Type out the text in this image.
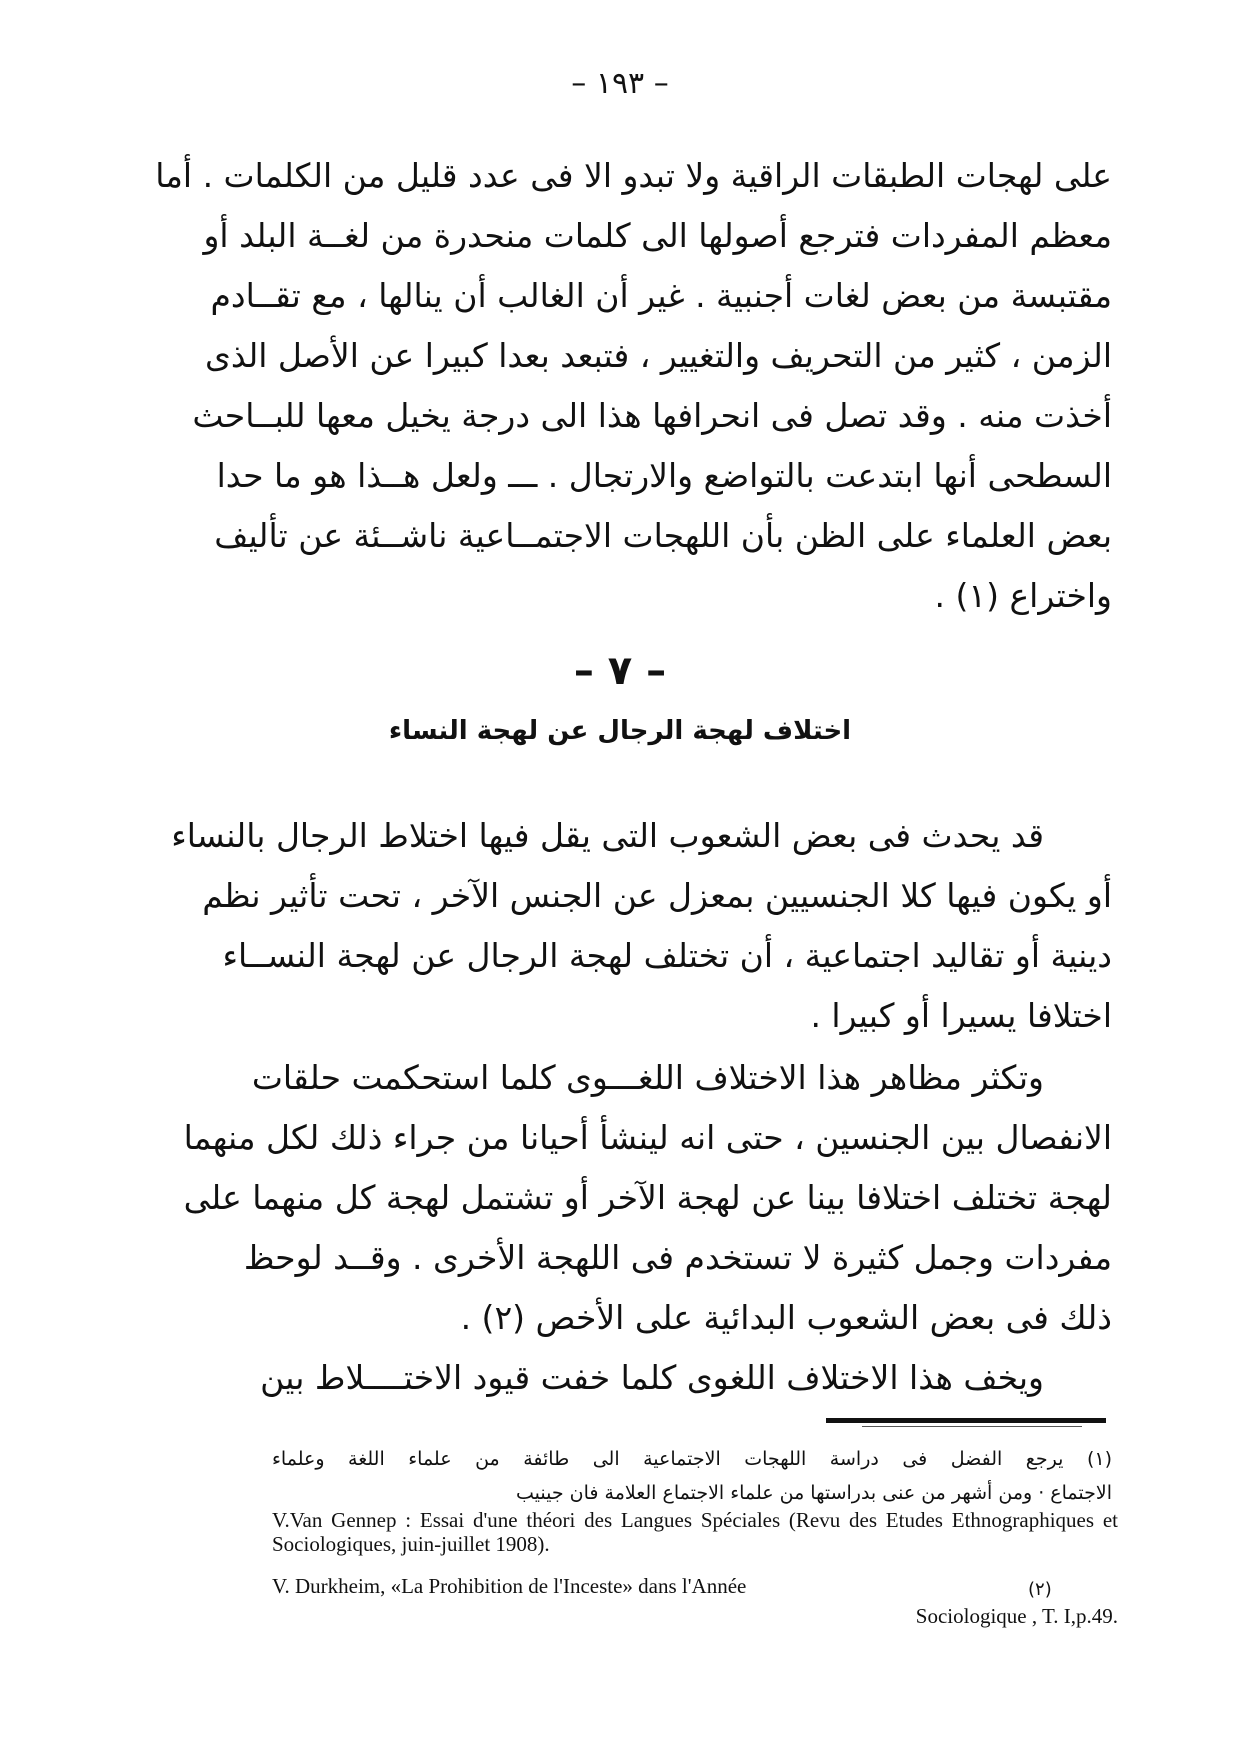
– ١٩٣ –
على لهجات الطبقات الراقية ولا تبدو الا فى عدد قليل من الكلمات . أما
معظم المفردات فترجع أصولها الى كلمات منحدرة من لغــة البلد أو
مقتبسة من بعض لغات أجنبية . غير أن الغالب أن ينالها ، مع تقــادم
الزمن ، كثير من التحريف والتغيير ، فتبعد بعدا كبيرا عن الأصل الذى
أخذت منه . وقد تصل فى انحرافها هذا الى درجة يخيل معها للبــاحث
السطحى أنها ابتدعت بالتواضع والارتجال . ـــ ولعل هــذا هو ما حدا
بعض العلماء على الظن بأن اللهجات الاجتمــاعية ناشــئة عن تأليف
واختراع (١) .
– ٧ –
اختلاف لهجة الرجال عن لهجة النساء
قد يحدث فى بعض الشعوب التى يقل فيها اختلاط الرجال بالنساء
أو يكون فيها كلا الجنسيين بمعزل عن الجنس الآخر ، تحت تأثير نظم
دينية أو تقاليد اجتماعية ، أن تختلف لهجة الرجال عن لهجة النســاء
اختلافا يسيرا أو كبيرا .
وتكثر مظاهر هذا الاختلاف اللغـــوى كلما استحكمت حلقات
الانفصال بين الجنسين ، حتى انه لينشأ أحيانا من جراء ذلك لكل منهما
لهجة تختلف اختلافا بينا عن لهجة الآخر أو تشتمل لهجة كل منهما على
مفردات وجمل كثيرة لا تستخدم فى اللهجة الأخرى . وقــد لوحظ
ذلك فى بعض الشعوب البدائية على الأخص (٢) .
ويخف هذا الاختلاف اللغوى كلما خفت قيود الاختــــلاط بين
(١) يرجع الفضل فى دراسة اللهجات الاجتماعية الى طائفة من علماء اللغة وعلماء
الاجتماع · ومن أشهر من عنى بدراستها من علماء الاجتماع العلامة فان جينيب
V.Van Gennep : Essai d'une théori des Langues Spéciales (Revu des Etudes Ethnographiques et Sociologiques, juin-juillet 1908).
V. Durkheim, «La Prohibition de l'Inceste» dans l'Année	(٢)
Sociologique , T. I,p.49.
